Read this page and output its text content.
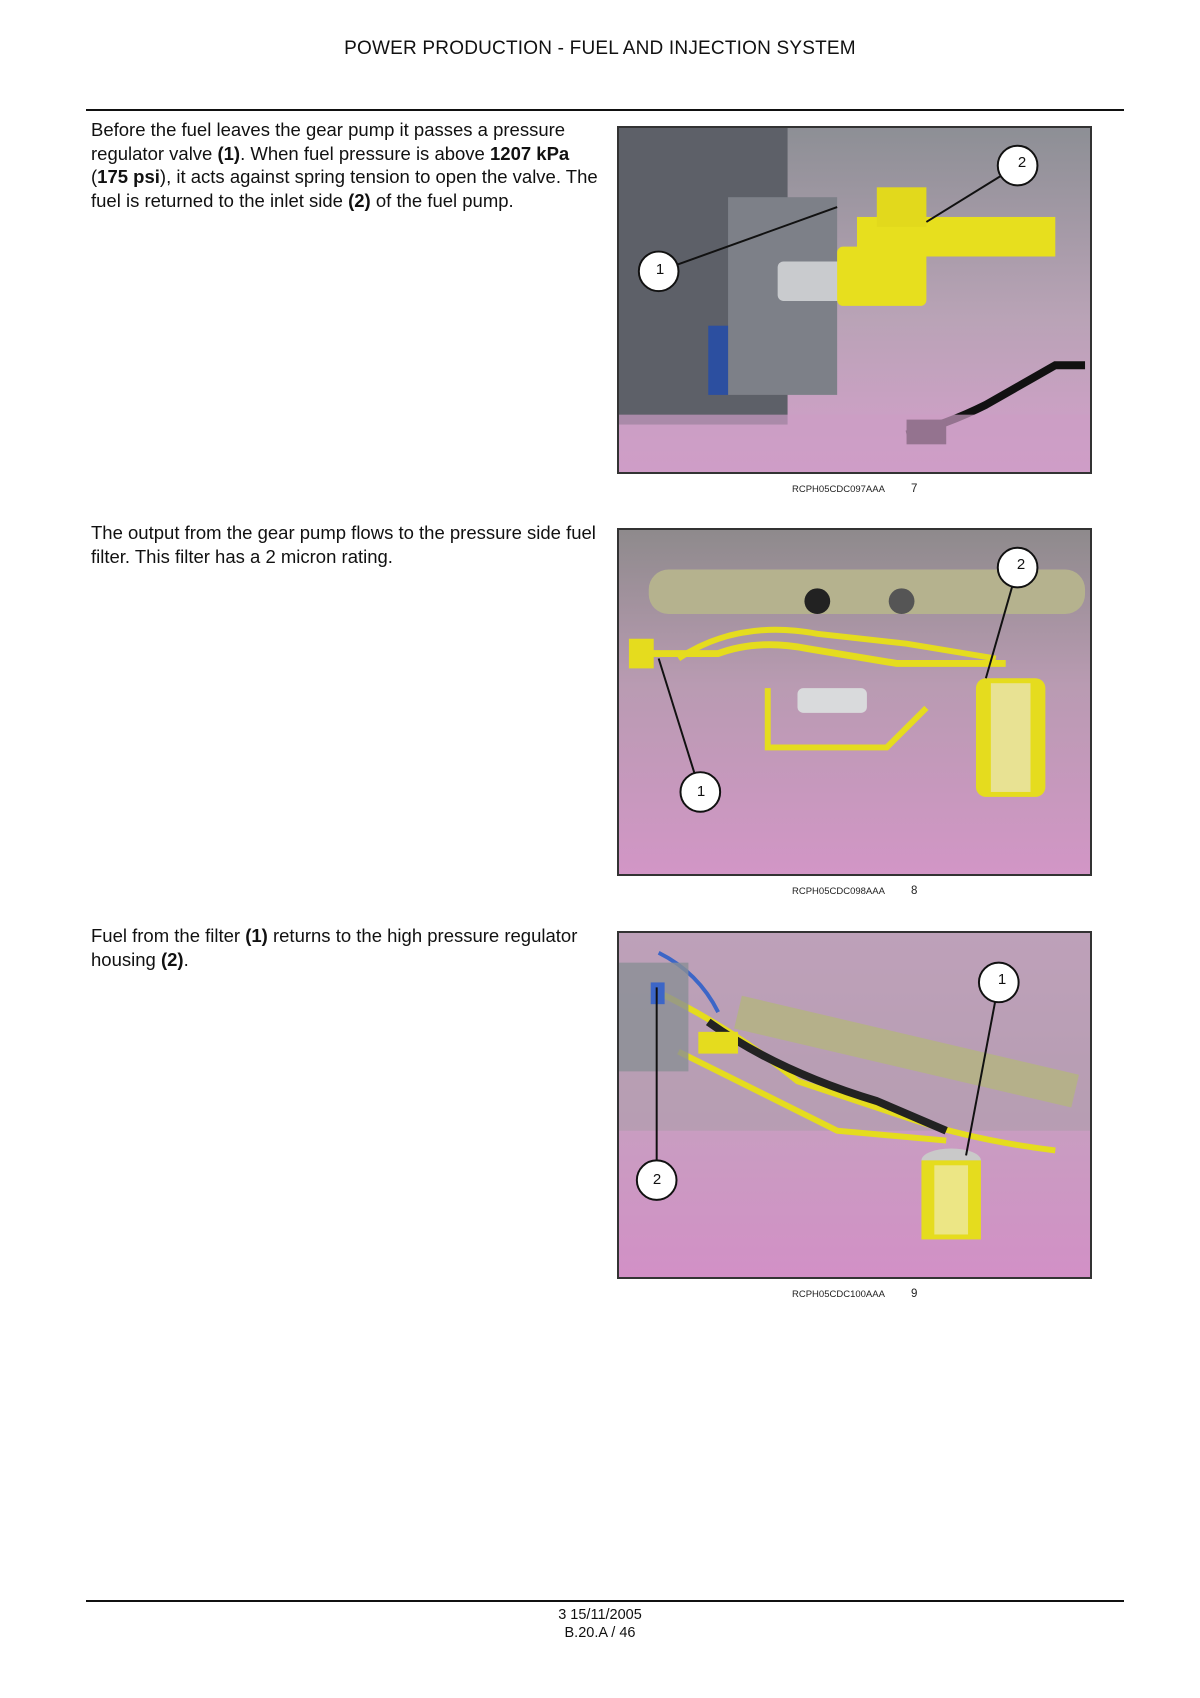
POWER PRODUCTION - FUEL AND INJECTION SYSTEM
Before the fuel leaves the gear pump it passes a pressure regulator valve (1). When fuel pressure is above 1207 kPa (175 psi), it acts against spring tension to open the valve. The fuel is returned to the inlet side (2) of the fuel pump.
1
2
RCPH05CDC097AAA 7
The output from the gear pump flows to the pressure side fuel filter. This filter has a 2 micron rating.
1
2
RCPH05CDC098AAA 8
Fuel from the filter (1) returns to the high pressure regulator housing (2).
2
1
RCPH05CDC100AAA 9
3 15/11/2005
B.20.A / 46
